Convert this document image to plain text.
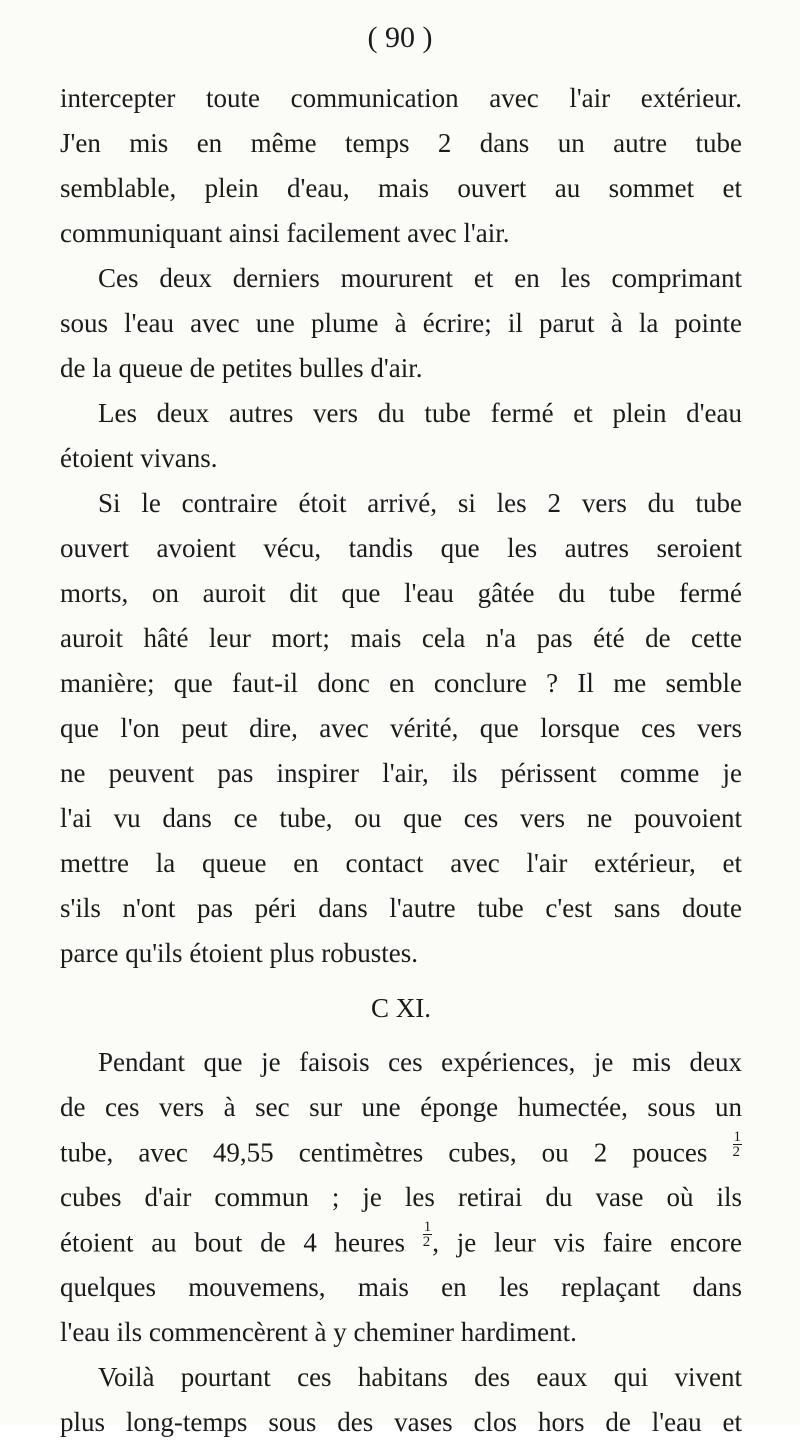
( 90 )
intercepter toute communication avec l'air extérieur.
J'en mis en même temps 2 dans un autre tube
semblable, plein d'eau, mais ouvert au sommet et
communiquant ainsi facilement avec l'air.
Ces deux derniers moururent et en les comprimant
sous l'eau avec une plume à écrire; il parut à la pointe
de la queue de petites bulles d'air.
Les deux autres vers du tube fermé et plein d'eau
étoient vivans.
Si le contraire étoit arrivé, si les 2 vers du tube
ouvert avoient vécu, tandis que les autres seroient
morts, on auroit dit que l'eau gâtée du tube fermé
auroit hâté leur mort; mais cela n'a pas été de cette
manière; que faut-il donc en conclure ? Il me semble
que l'on peut dire, avec vérité, que lorsque ces vers
ne peuvent pas inspirer l'air, ils périssent comme je
l'ai vu dans ce tube, ou que ces vers ne pouvoient
mettre la queue en contact avec l'air extérieur, et
s'ils n'ont pas péri dans l'autre tube c'est sans doute
parce qu'ils étoient plus robustes.
C XI.
Pendant que je faisois ces expériences, je mis deux
de ces vers à sec sur une éponge humectée, sous un
tube, avec 49,55 centimètres cubes, ou 2 pouces $\frac{1}{2}$
cubes d'air commun ; je les retirai du vase où ils
étoient au bout de 4 heures $\frac{1}{2}$ , je leur vis faire encore
quelques mouvemens, mais en les replaçant dans
l'eau ils commencèrent à y cheminer hardiment.
Voilà pourtant ces habitans des eaux qui vivent
plus long-temps sous des vases clos hors de l'eau et
